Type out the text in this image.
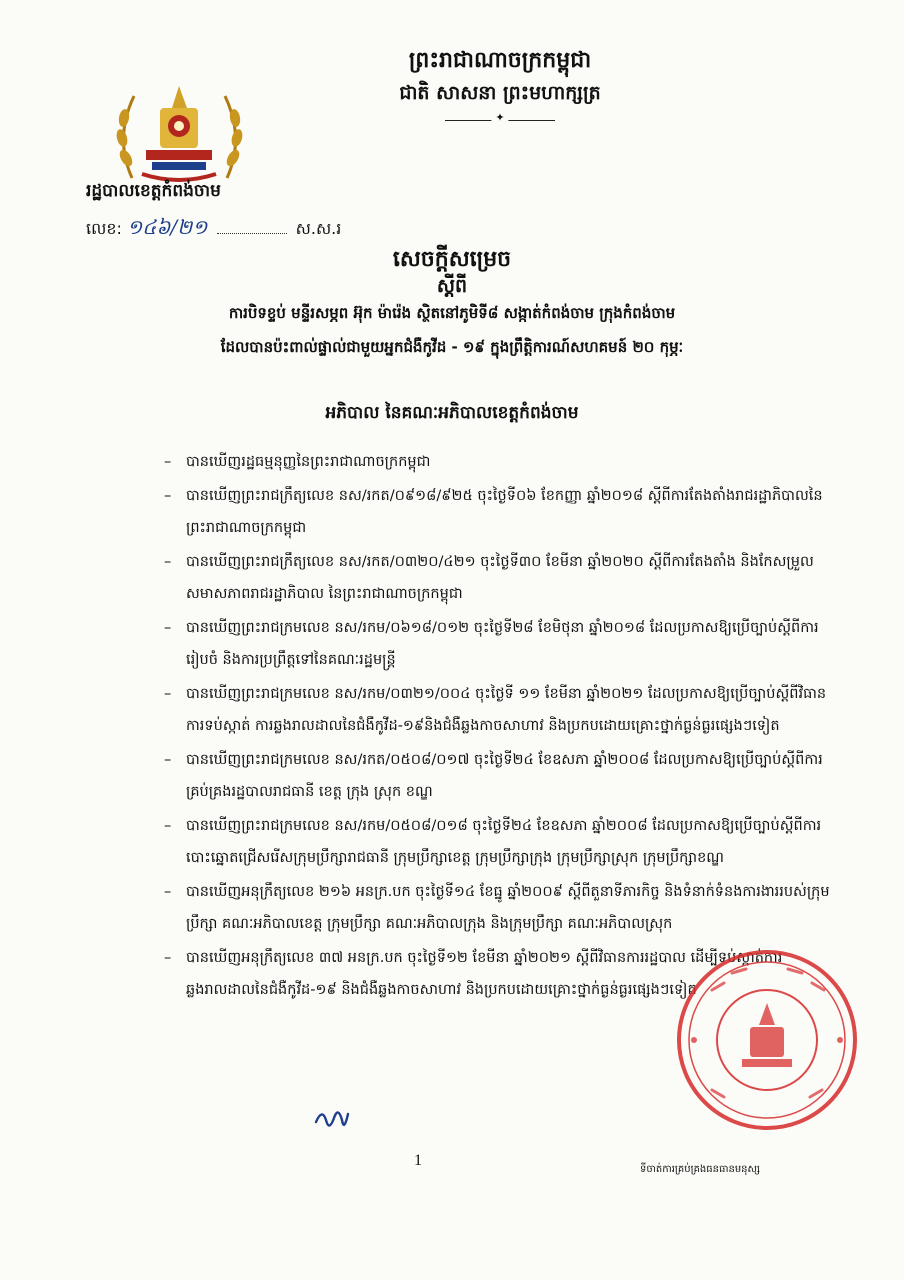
ព្រះរាជាណាចក្រកម្ពុជា
ជាតិ សាសនា ព្រះមហាក្សត្រ
✦
រដ្ឋបាលខេត្តកំពង់ចាម
លេខ: ១៤៦/២១	ស.ស.រ
សេចក្ដីសម្រេច
ស្ដីពី
ការបិទខ្ទប់ មន្ទីរសម្ភព អ៊ុក ម៉ារ៉េង ស្ថិតនៅភូមិទី៨ សង្កាត់កំពង់ចាម ក្រុងកំពង់ចាម
ដែលបានប៉ះពាល់ផ្ទាល់ជាមួយអ្នកជំងឺកូវីដ - ១៩ ក្នុងព្រឹត្តិការណ៍សហគមន៍ ២០ កុម្ភៈ
អភិបាល នៃគណៈអភិបាលខេត្តកំពង់ចាម
– បានឃើញរដ្ឋធម្មនុញ្ញនៃព្រះរាជាណាចក្រកម្ពុជា
– បានឃើញព្រះរាជក្រឹត្យលេខ នស/រកត/០៩១៨/៩២៥ ចុះថ្ងៃទី០៦ ខែកញ្ញា ឆ្នាំ២០១៨ ស្ដីពីការតែងតាំងរាជរដ្ឋាភិបាលនៃព្រះរាជាណាចក្រកម្ពុជា
– បានឃើញព្រះរាជក្រឹត្យលេខ នស/រកត/០៣២០/៤២១ ចុះថ្ងៃទី៣០ ខែមីនា ឆ្នាំ២០២០ ស្ដីពីការតែងតាំង និងកែសម្រួលសមាសភាពរាជរដ្ឋាភិបាល នៃព្រះរាជាណាចក្រកម្ពុជា
– បានឃើញព្រះរាជក្រមលេខ នស/រកម/០៦១៨/០១២ ចុះថ្ងៃទី២៨ ខែមិថុនា ឆ្នាំ២០១៨ ដែលប្រកាសឱ្យប្រើច្បាប់ស្ដីពីការរៀបចំ និងការប្រព្រឹត្តទៅនៃគណៈរដ្ឋមន្ត្រី
– បានឃើញព្រះរាជក្រមលេខ នស/រកម/០៣២១/០០៤ ចុះថ្ងៃទី ១១ ខែមីនា ឆ្នាំ២០២១ ដែលប្រកាសឱ្យប្រើច្បាប់ស្ដីពីវិធានការទប់ស្កាត់ ការឆ្លងរាលដាលនៃជំងឺកូវីដ-១៩និងជំងឺឆ្លងកាចសាហាវ និងប្រកបដោយគ្រោះថ្នាក់ធ្ងន់ធ្ងរផ្សេងៗទៀត
– បានឃើញព្រះរាជក្រមលេខ នស/រកត/០៥០៨/០១៧ ចុះថ្ងៃទី២៤ ខែឧសភា ឆ្នាំ២០០៨ ដែលប្រកាសឱ្យប្រើច្បាប់ស្ដីពីការគ្រប់គ្រងរដ្ឋបាលរាជធានី ខេត្ត ក្រុង ស្រុក ខណ្ឌ
– បានឃើញព្រះរាជក្រមលេខ នស/រកម/០៥០៨/០១៨ ចុះថ្ងៃទី២៤ ខែឧសភា ឆ្នាំ២០០៨ ដែលប្រកាសឱ្យប្រើច្បាប់ស្ដីពីការបោះឆ្នោតជ្រើសរើសក្រុមប្រឹក្សារាជធានី ក្រុមប្រឹក្សាខេត្ត ក្រុមប្រឹក្សាក្រុង ក្រុមប្រឹក្សាស្រុក ក្រុមប្រឹក្សាខណ្ឌ
– បានឃើញអនុក្រឹត្យលេខ ២១៦ អនក្រ.បក ចុះថ្ងៃទី១៤ ខែធ្នូ ឆ្នាំ២០០៩ ស្ដីពីតួនាទីភារកិច្ច និងទំនាក់ទំនងការងាររបស់ក្រុមប្រឹក្សា គណៈអភិបាលខេត្ត ក្រុមប្រឹក្សា គណៈអភិបាលក្រុង និងក្រុមប្រឹក្សា គណៈអភិបាលស្រុក
– បានឃើញអនុក្រឹត្យលេខ ៣៧ អនក្រ.បក ចុះថ្ងៃទី១២ ខែមីនា ឆ្នាំ២០២១ ស្ដីពីវិធានការរដ្ឋបាល ដើម្បីទប់ស្កាត់ការឆ្លងរាលដាលនៃជំងឺកូវីដ-១៩ និងជំងឺឆ្លងកាចសាហាវ និងប្រកបដោយគ្រោះថ្នាក់ធ្ងន់ធ្ងរផ្សេងៗទៀត
1
ទីចាត់ការគ្រប់គ្រងធនធានមនុស្ស
